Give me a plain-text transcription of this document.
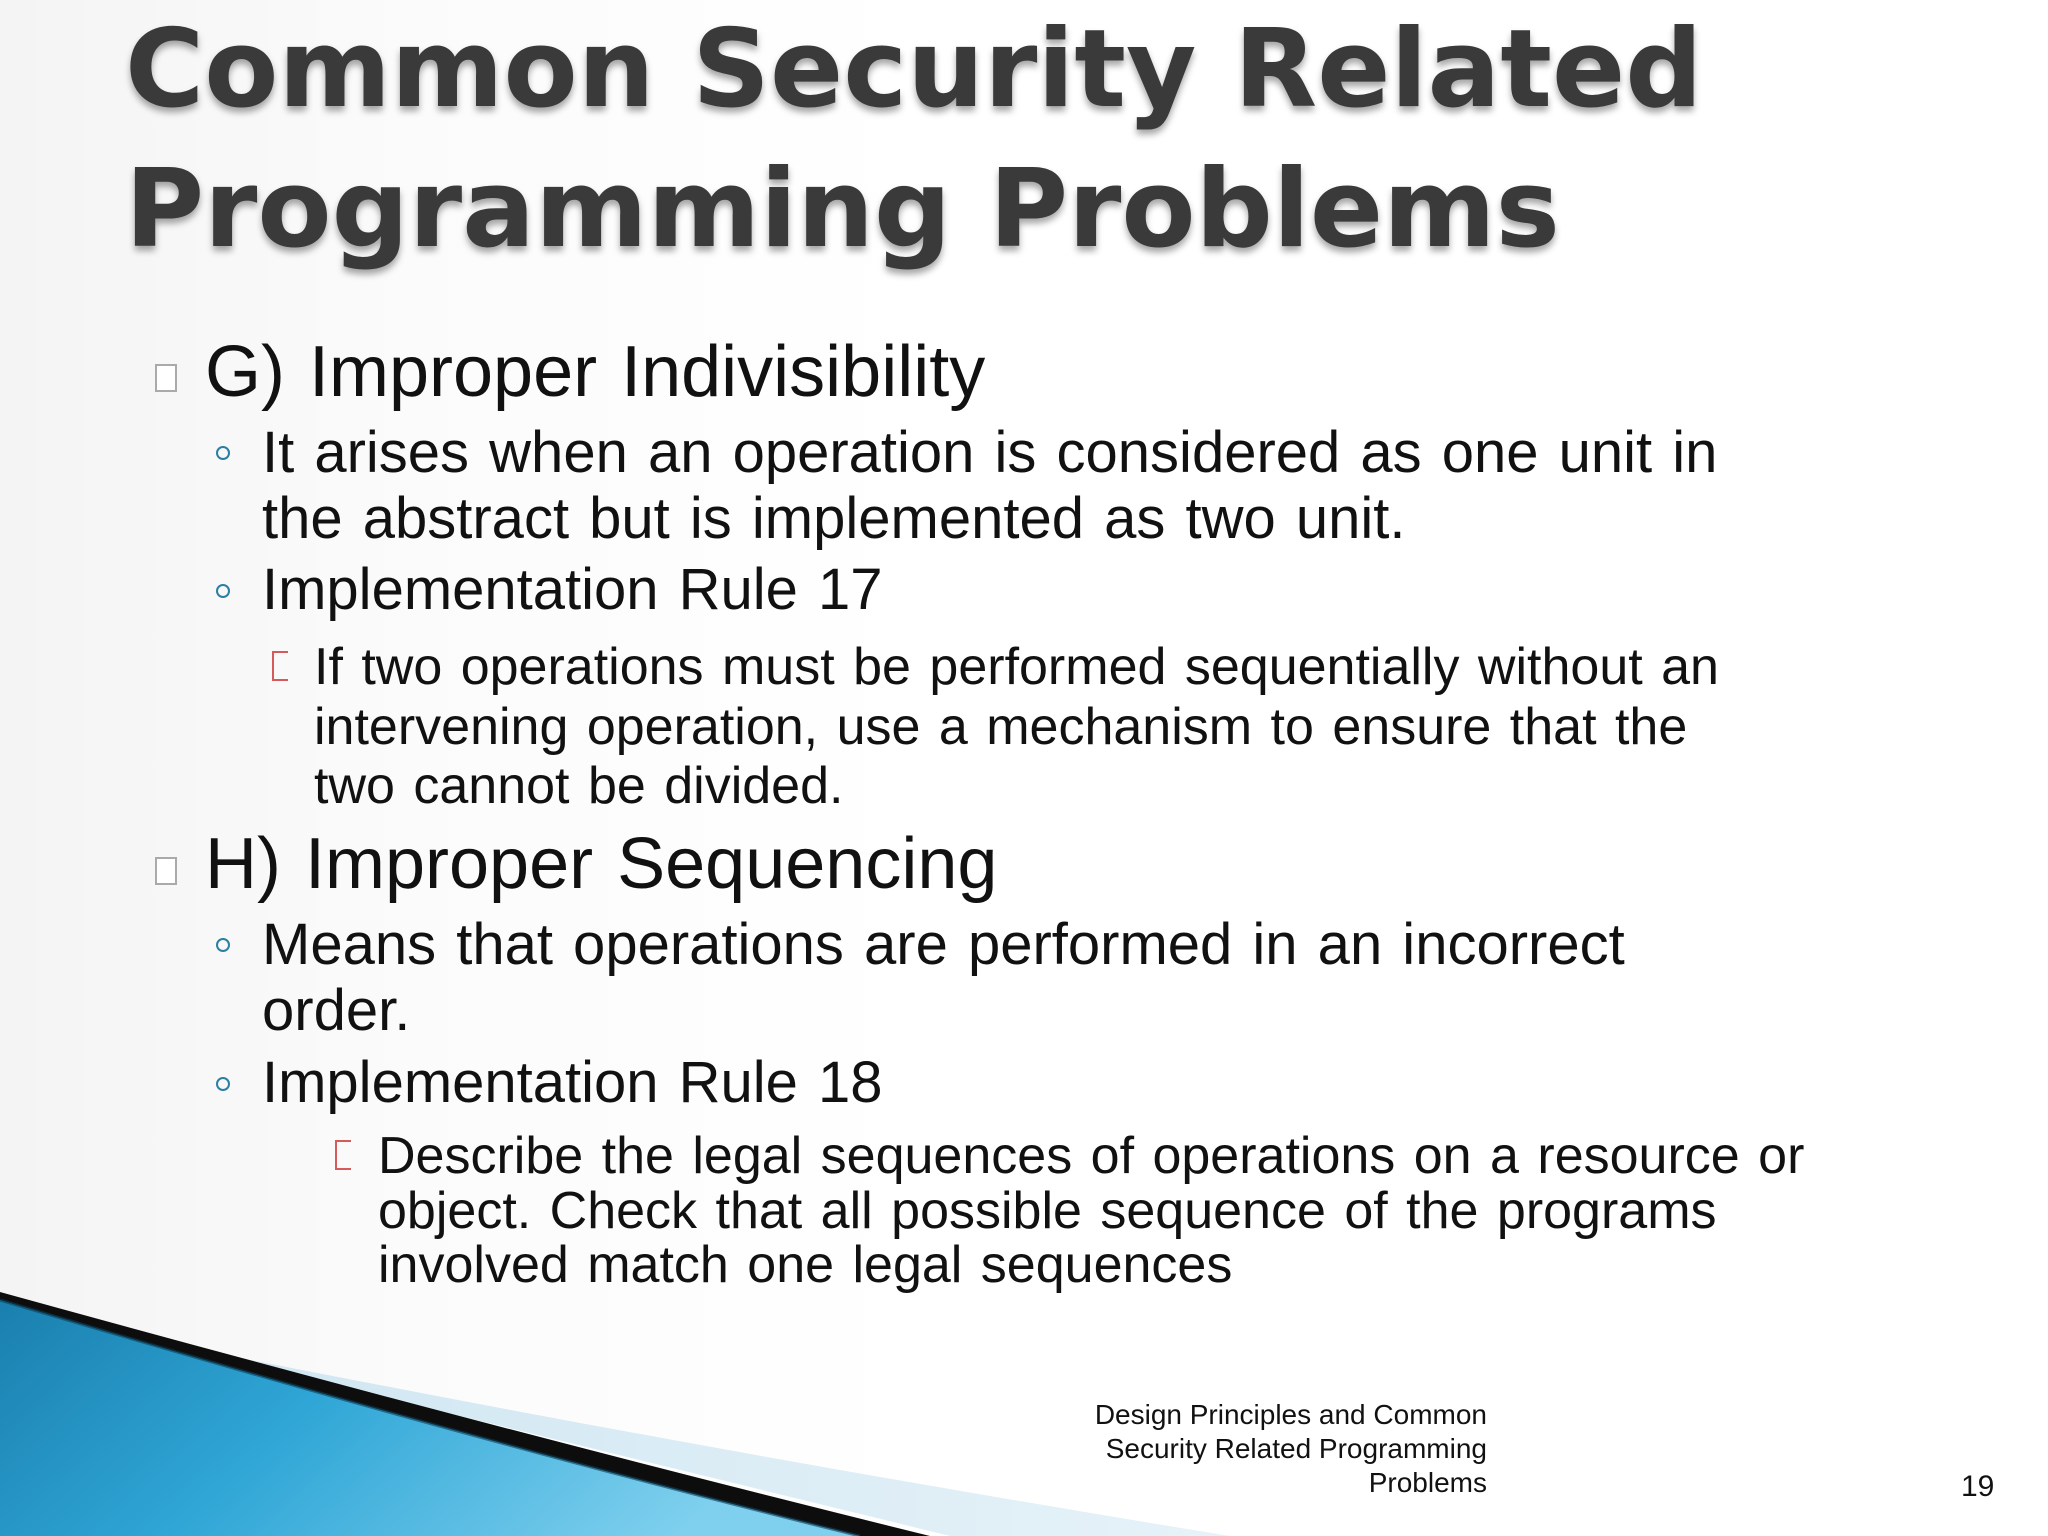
Common Security Related
Programming Problems

G) Improper Indivisibility

It arises when an operation is considered as one unit in

the abstract but is implemented as two unit.

Implementation Rule 17

If two operations must be performed sequentially without an

intervening operation, use a mechanism to ensure that the

two cannot be divided.

H) Improper Sequencing

Means that operations are performed in an incorrect

order.

Implementation Rule 18

Describe the legal sequences of operations on a resource or

object. Check that all possible sequence of the programs

involved match one legal sequences

Design Principles and Common
Security Related Programming
Problems	19
